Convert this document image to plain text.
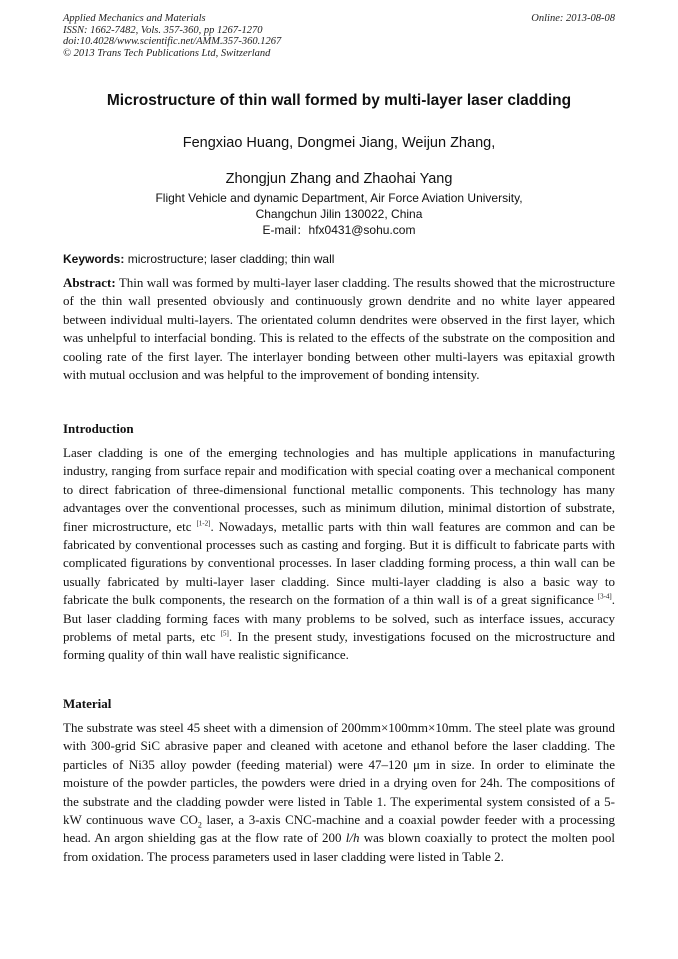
Applied Mechanics and Materials
ISSN: 1662-7482, Vols. 357-360, pp 1267-1270
doi:10.4028/www.scientific.net/AMM.357-360.1267
© 2013 Trans Tech Publications Ltd, Switzerland
Online: 2013-08-08
Microstructure of thin wall formed by multi-layer laser cladding
Fengxiao Huang, Dongmei Jiang, Weijun Zhang,
Zhongjun Zhang and Zhaohai Yang
Flight Vehicle and dynamic Department, Air Force Aviation University,
Changchun Jilin 130022, China
E-mail：hfx0431@sohu.com
Keywords: microstructure; laser cladding; thin wall

Abstract: Thin wall was formed by multi-layer laser cladding. The results showed that the microstructure of the thin wall presented obviously and continuously grown dendrite and no white layer appeared between individual multi-layers. The orientated column dendrites were observed in the first layer, which was unhelpful to interfacial bonding. This is related to the effects of the substrate on the composition and cooling rate of the first layer. The interlayer bonding between other multi-layers was epitaxial growth with mutual occlusion and was helpful to the improvement of bonding intensity.

Introduction

Laser cladding is one of the emerging technologies and has multiple applications in manufacturing industry, ranging from surface repair and modification with special coating over a mechanical component to direct fabrication of three-dimensional functional metallic components. This technology has many advantages over the conventional processes, such as minimum dilution, minimal distortion of substrate, finer microstructure, etc [1-2]. Nowadays, metallic parts with thin wall features are common and can be fabricated by conventional processes such as casting and forging. But it is difficult to fabricate parts with complicated figurations by conventional processes. In laser cladding forming process, a thin wall can be usually fabricated by multi-layer laser cladding. Since multi-layer cladding is also a basic way to fabricate the bulk components, the research on the formation of a thin wall is of a great significance [3-4]. But laser cladding forming faces with many problems to be solved, such as interface issues, accuracy problems of metal parts, etc [5]. In the present study, investigations focused on the microstructure and forming quality of thin wall have realistic significance.

Material

The substrate was steel 45 sheet with a dimension of 200mm×100mm×10mm. The steel plate was ground with 300-grid SiC abrasive paper and cleaned with acetone and ethanol before the laser cladding. The particles of Ni35 alloy powder (feeding material) were 47–120 μm in size. In order to eliminate the moisture of the powder particles, the powders were dried in a drying oven for 24h. The compositions of the substrate and the cladding powder were listed in Table 1. The experimental system consisted of a 5-kW continuous wave $CO_2$ laser, a 3-axis CNC-machine and a coaxial powder feeder with a processing head. An argon shielding gas at the flow rate of 200 l/h was blown coaxially to protect the molten pool from oxidation. The process parameters used in laser cladding were listed in Table 2.
